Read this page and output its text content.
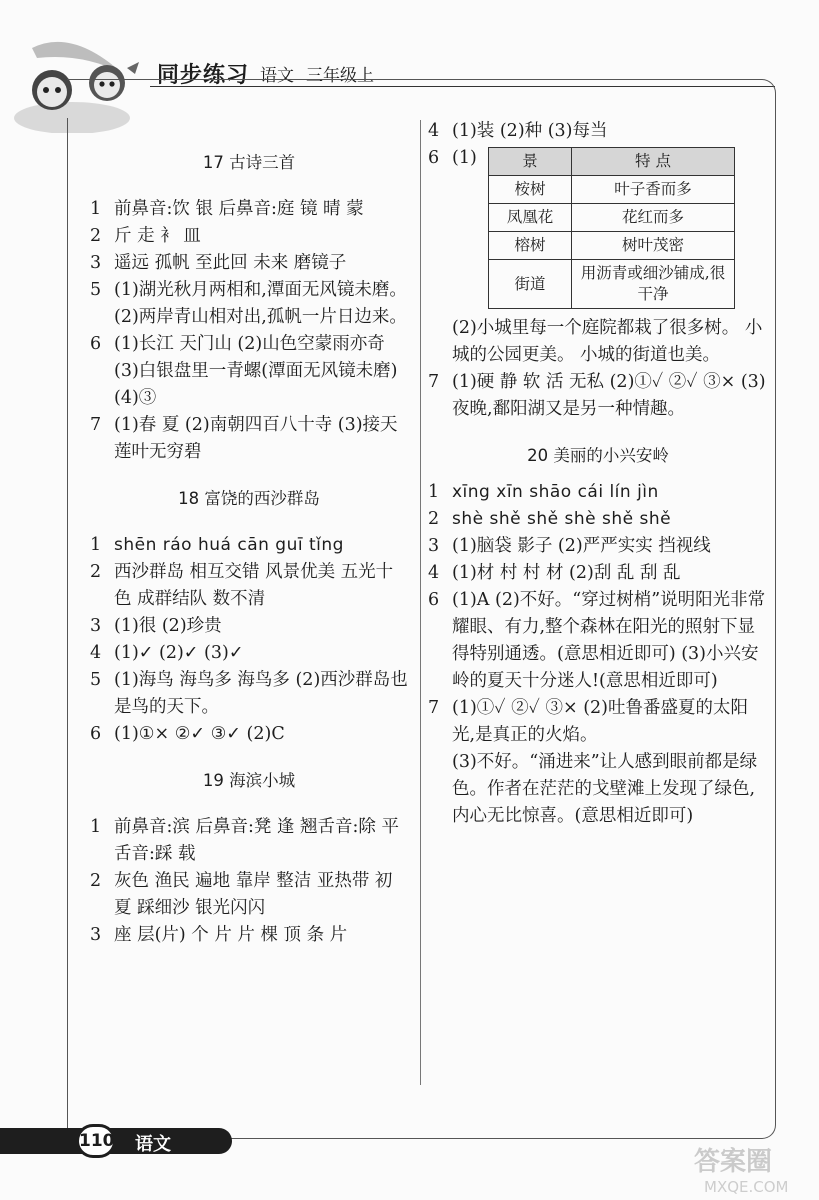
同步练习 语文 三年级上
17 古诗三首
1 前鼻音:饮 银 后鼻音:庭 镜 晴 蒙
2 斤 走 衤 皿
3 遥远 孤帆 至此回 未来 磨镜子
5 (1)湖光秋月两相和,潭面无风镜未磨。(2)两岸青山相对出,孤帆一片日边来。
6 (1)长江 天门山 (2)山色空蒙雨亦奇 (3)白银盘里一青螺(潭面无风镜未磨) (4)③
7 (1)春 夏 (2)南朝四百八十寺 (3)接天莲叶无穷碧
18 富饶的西沙群岛
1 shēn ráo huá cān guī tǐng
2 西沙群岛 相互交错 风景优美 五光十色 成群结队 数不清
3 (1)很 (2)珍贵
4 (1)✓ (2)✓ (3)✓
5 (1)海鸟 海鸟多 海鸟多 (2)西沙群岛也是鸟的天下。
6 (1)①× ②✓ ③✓ (2)C
19 海滨小城
1 前鼻音:滨 后鼻音:凳 逢 翘舌音:除 平舌音:踩 载
2 灰色 渔民 遍地 靠岸 整洁 亚热带 初夏 踩细沙 银光闪闪
3 座 层(片) 个 片 片 棵 顶 条 片
4 (1)装 (2)种 (3)每当
6 (1)	景	特 点
桉树	叶子香而多
凤凰花	花红而多
榕树	树叶茂密
街道	用沥青或细沙铺成,很干净
(2)小城里每一个庭院都栽了很多树。 小城的公园更美。 小城的街道也美。
7 (1)硬 静 软 活 无私 (2)①✓ ②✓ ③× (3)夜晚,鄱阳湖又是另一种情趣。
20 美丽的小兴安岭
1 xīng xīn shāo cái lín jìn
2 shè shě shě shè shě shě
3 (1)脑袋 影子 (2)严严实实 挡视线
4 (1)材 村 村 材 (2)刮 乱 刮 乱
6 (1)A (2)不好。“穿过树梢”说明阳光非常耀眼、有力,整个森林在阳光的照射下显得特别通透。(意思相近即可) (3)小兴安岭的夏天十分迷人!(意思相近即可)
7 (1)①✓ ②✓ ③× (2)吐鲁番盛夏的太阳光,是真正的火焰。
(3)不好。“涌进来”让人感到眼前都是绿色。作者在茫茫的戈壁滩上发现了绿色,内心无比惊喜。(意思相近即可)
110 语文
答案圈
MXQE.COM
